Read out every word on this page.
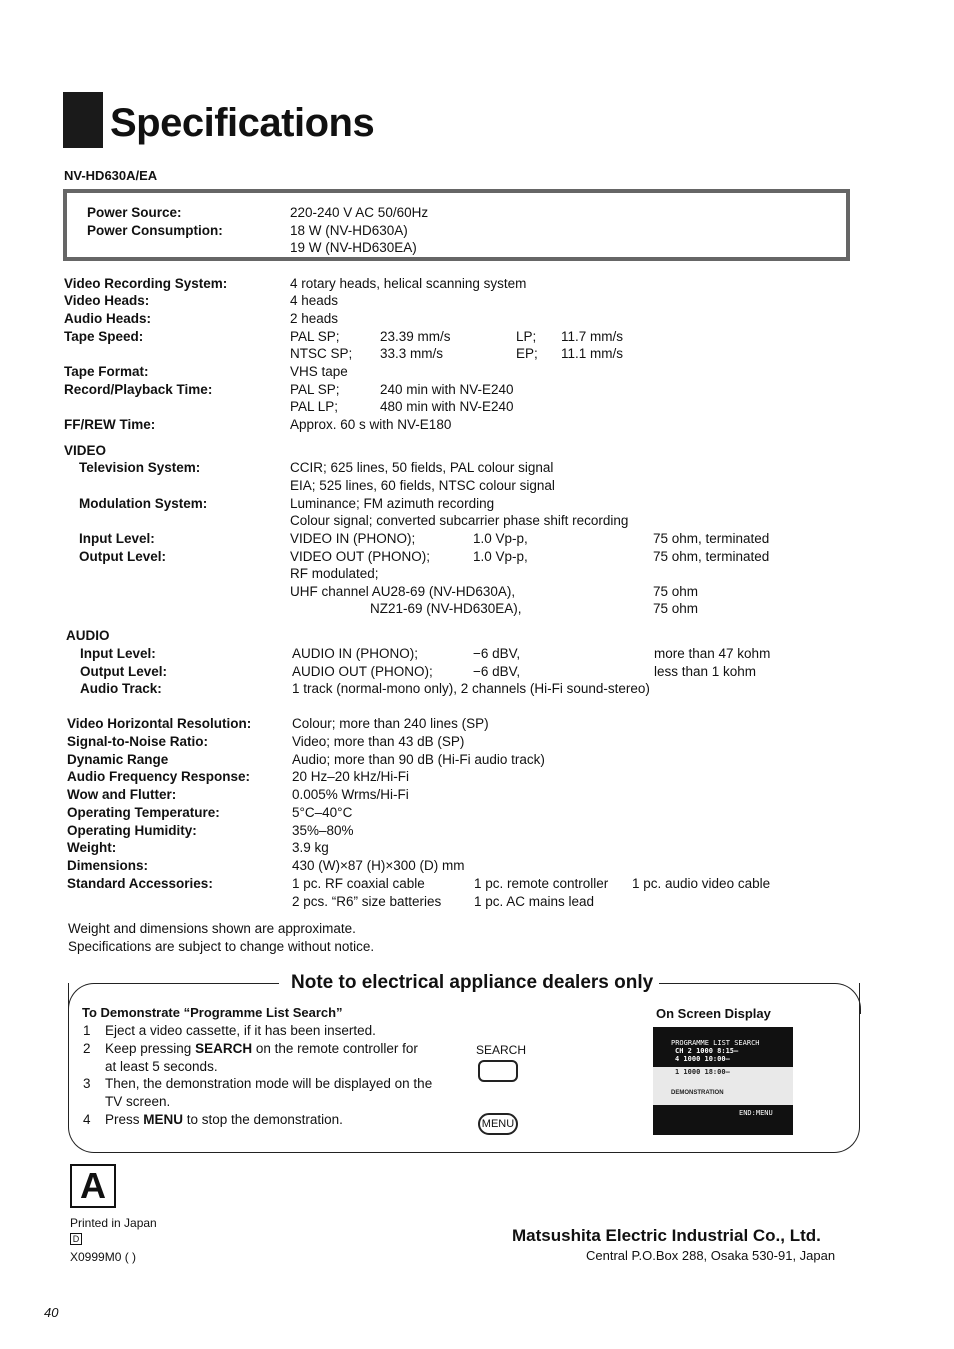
Specifications
NV-HD630A/EA
Power Source:	220-240 V AC 50/60Hz
Power Consumption:	18 W (NV-HD630A)
19 W (NV-HD630EA)
Video Recording System:	4 rotary heads, helical scanning system
Video Heads:	4 heads
Audio Heads:	2 heads
Tape Speed:	PAL SP;	23.39 mm/s	LP; 11.7 mm/s
NTSC SP; 33.3 mm/s	EP; 11.1 mm/s
Tape Format:	VHS tape
Record/Playback Time:	PAL SP;	240 min with NV-E240
PAL LP;	480 min with NV-E240
FF/REW Time:	Approx. 60 s with NV-E180
VIDEO
Television System:	CCIR; 625 lines, 50 fields, PAL colour signal
EIA; 525 lines, 60 fields, NTSC colour signal
Modulation System:	Luminance; FM azimuth recording
Colour signal; converted subcarrier phase shift recording
Input Level:	VIDEO IN (PHONO);	1.0 Vp-p,	75 ohm, terminated
Output Level:	VIDEO OUT (PHONO);	1.0 Vp-p,	75 ohm, terminated
RF modulated;
UHF channel AU28-69 (NV-HD630A),	75 ohm
NZ21-69 (NV-HD630EA),	75 ohm
AUDIO
Input Level:	AUDIO IN (PHONO);	−6 dBV,	more than 47 kohm
Output Level:	AUDIO OUT (PHONO);	−6 dBV,	less than 1 kohm
Audio Track:	1 track (normal-mono only), 2 channels (Hi-Fi sound-stereo)
Video Horizontal Resolution:	Colour; more than 240 lines (SP)
Signal-to-Noise Ratio:	Video; more than 43 dB (SP)
Dynamic Range	Audio; more than 90 dB (Hi-Fi audio track)
Audio Frequency Response:	20 Hz–20 kHz/Hi-Fi
Wow and Flutter:	0.005% Wrms/Hi-Fi
Operating Temperature:	5°C–40°C
Operating Humidity:	35%–80%
Weight:	3.9 kg
Dimensions:	430 (W)×87 (H)×300 (D) mm
Standard Accessories:	1 pc. RF coaxial cable	1 pc. remote controller 1 pc. audio video cable
2 pcs. “R6” size batteries 1 pc. AC mains lead
Weight and dimensions shown are approximate.
Specifications are subject to change without notice.
Note to electrical appliance dealers only
To Demonstrate “Programme List Search”
1 Eject a video cassette, if it has been inserted.
2 Keep pressing SEARCH on the remote controller for
at least 5 seconds.
3 Then, the demonstration mode will be displayed on the
TV screen.
4 Press MENU to stop the demonstration.
SEARCH
MENU
On Screen Display
PROGRAMME LIST SEARCH
CH 2 1000 8:15–
4 1000 10:00–
1 1000 18:00–
DEMONSTRATION
END:MENU
A
Printed in Japan
D
X0999M0 ( )
Matsushita Electric Industrial Co., Ltd.
Central P.O.Box 288, Osaka 530-91, Japan
40
